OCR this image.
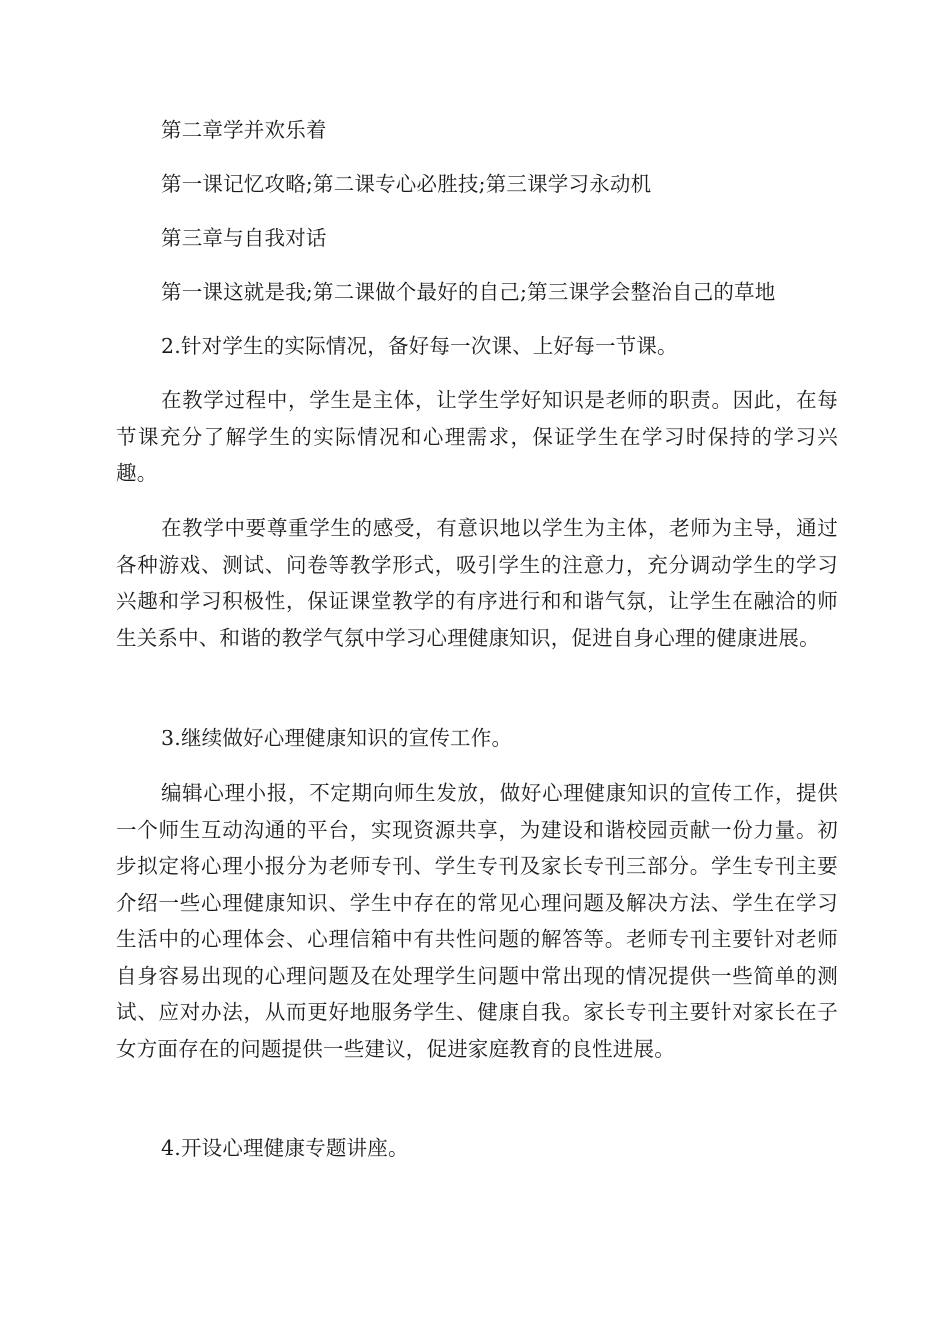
第二章学并欢乐着

第一课记忆攻略;第二课专心必胜技;第三课学习永动机

第三章与自我对话

第一课这就是我;第二课做个最好的自己;第三课学会整治自己的草地

2.针对学生的实际情况，备好每一次课、上好每一节课。

在教学过程中，学生是主体，让学生学好知识是老师的职责。因此，在每节课充分了解学生的实际情况和心理需求，保证学生在学习时保持的学习兴趣。

在教学中要尊重学生的感受，有意识地以学生为主体，老师为主导，通过各种游戏、测试、问卷等教学形式，吸引学生的注意力，充分调动学生的学习兴趣和学习积极性，保证课堂教学的有序进行和和谐气氛，让学生在融洽的师生关系中、和谐的教学气氛中学习心理健康知识，促进自身心理的健康进展。

3.继续做好心理健康知识的宣传工作。

编辑心理小报，不定期向师生发放，做好心理健康知识的宣传工作，提供一个师生互动沟通的平台，实现资源共享，为建设和谐校园贡献一份力量。初步拟定将心理小报分为老师专刊、学生专刊及家长专刊三部分。学生专刊主要介绍一些心理健康知识、学生中存在的常见心理问题及解决方法、学生在学习生活中的心理体会、心理信箱中有共性问题的解答等。老师专刊主要针对老师自身容易出现的心理问题及在处理学生问题中常出现的情况提供一些简单的测试、应对办法，从而更好地服务学生、健康自我。家长专刊主要针对家长在子女方面存在的问题提供一些建议，促进家庭教育的良性进展。

4.开设心理健康专题讲座。
